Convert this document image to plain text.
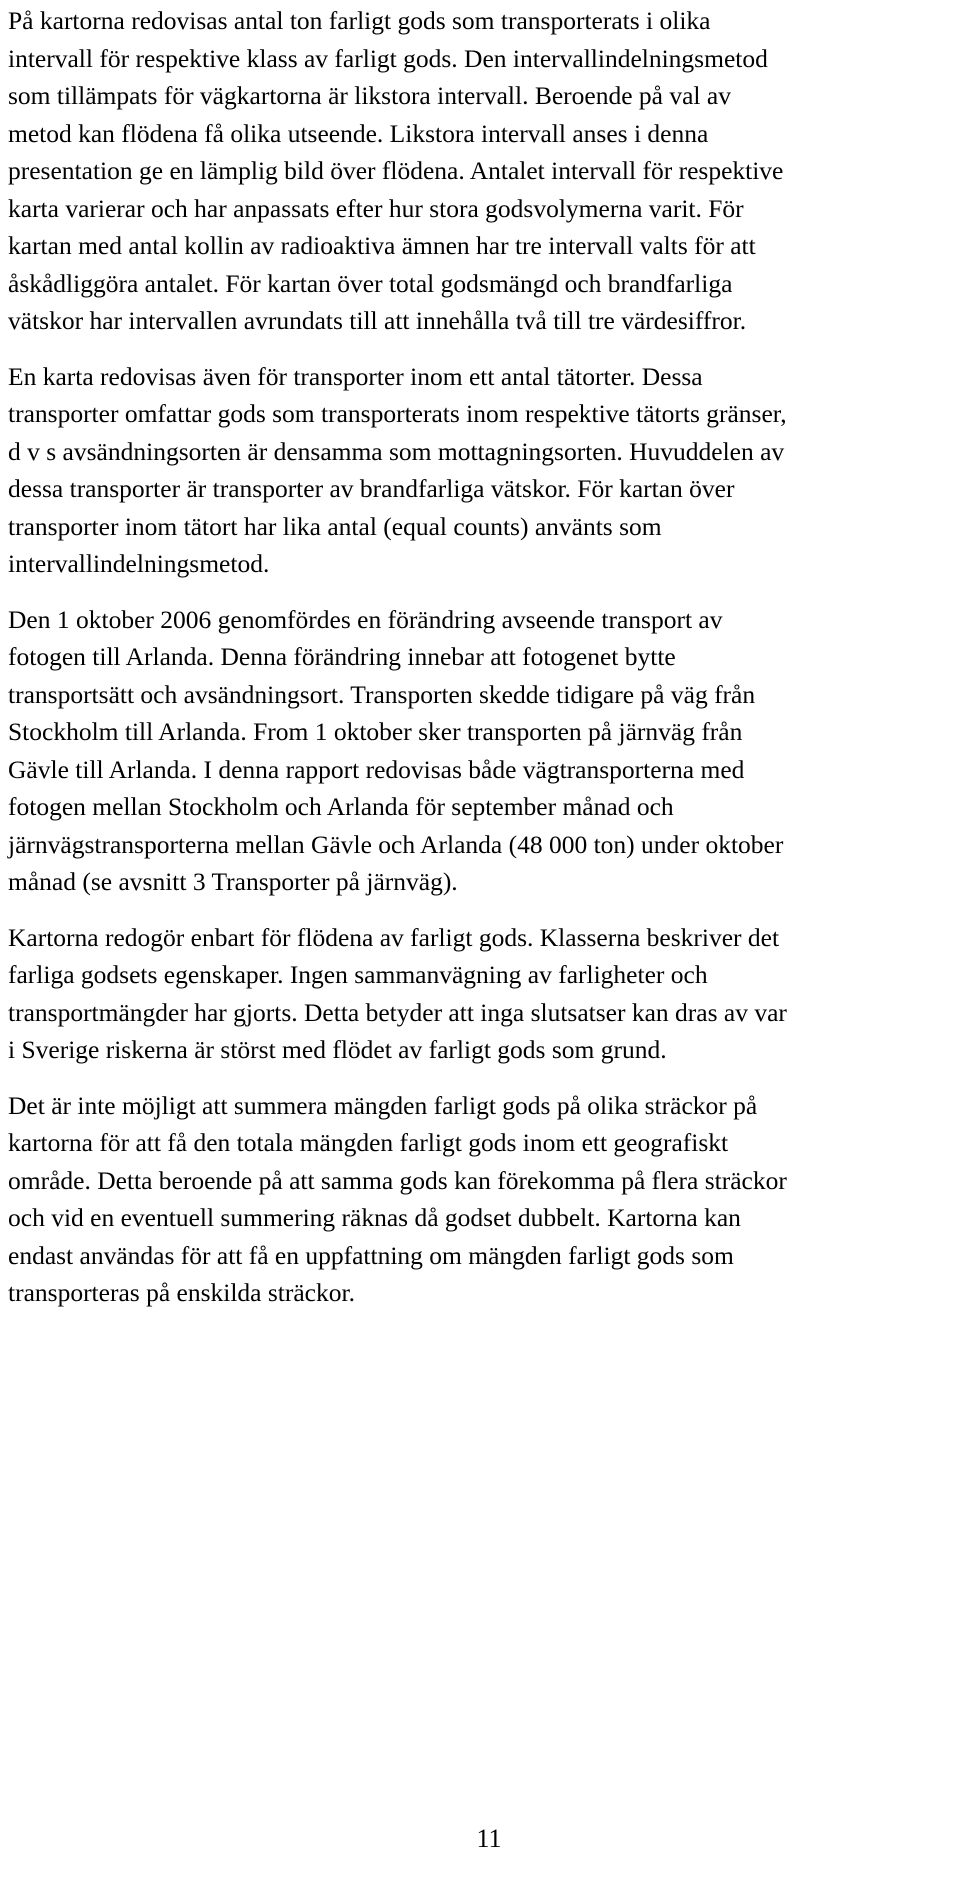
På kartorna redovisas antal ton farligt gods som transporterats i olika
intervall för respektive klass av farligt gods. Den intervallindelningsmetod
som tillämpats för vägkartorna är likstora intervall. Beroende på val av
metod kan flödena få olika utseende. Likstora intervall anses i denna
presentation ge en lämplig bild över flödena. Antalet intervall för respektive
karta varierar och har anpassats efter hur stora godsvolymerna varit. För
kartan med antal kollin av radioaktiva ämnen har tre intervall valts för att
åskådliggöra antalet. För kartan över total godsmängd och brandfarliga
vätskor har intervallen avrundats till att innehålla två till tre värdesiffror.

En karta redovisas även för transporter inom ett antal tätorter. Dessa
transporter omfattar gods som transporterats inom respektive tätorts gränser,
d v s avsändningsorten är densamma som mottagningsorten. Huvuddelen av
dessa transporter är transporter av brandfarliga vätskor. För kartan över
transporter inom tätort har lika antal (equal counts) använts som
intervallindelningsmetod.

Den 1 oktober 2006 genomfördes en förändring avseende transport av
fotogen till Arlanda. Denna förändring innebar att fotogenet bytte
transportsätt och avsändningsort. Transporten skedde tidigare på väg från
Stockholm till Arlanda. From 1 oktober sker transporten på järnväg från
Gävle till Arlanda. I denna rapport redovisas både vägtransporterna med
fotogen mellan Stockholm och Arlanda för september månad och
järnvägstransporterna mellan Gävle och Arlanda (48 000 ton) under oktober
månad (se avsnitt 3 Transporter på järnväg).

Kartorna redogör enbart för flödena av farligt gods. Klasserna beskriver det
farliga godsets egenskaper. Ingen sammanvägning av farligheter och
transportmängder har gjorts. Detta betyder att inga slutsatser kan dras av var
i Sverige riskerna är störst med flödet av farligt gods som grund.

Det är inte möjligt att summera mängden farligt gods på olika sträckor på
kartorna för att få den totala mängden farligt gods inom ett geografiskt
område. Detta beroende på att samma gods kan förekomma på flera sträckor
och vid en eventuell summering räknas då godset dubbelt. Kartorna kan
endast användas för att få en uppfattning om mängden farligt gods som
transporteras på enskilda sträckor.

11
